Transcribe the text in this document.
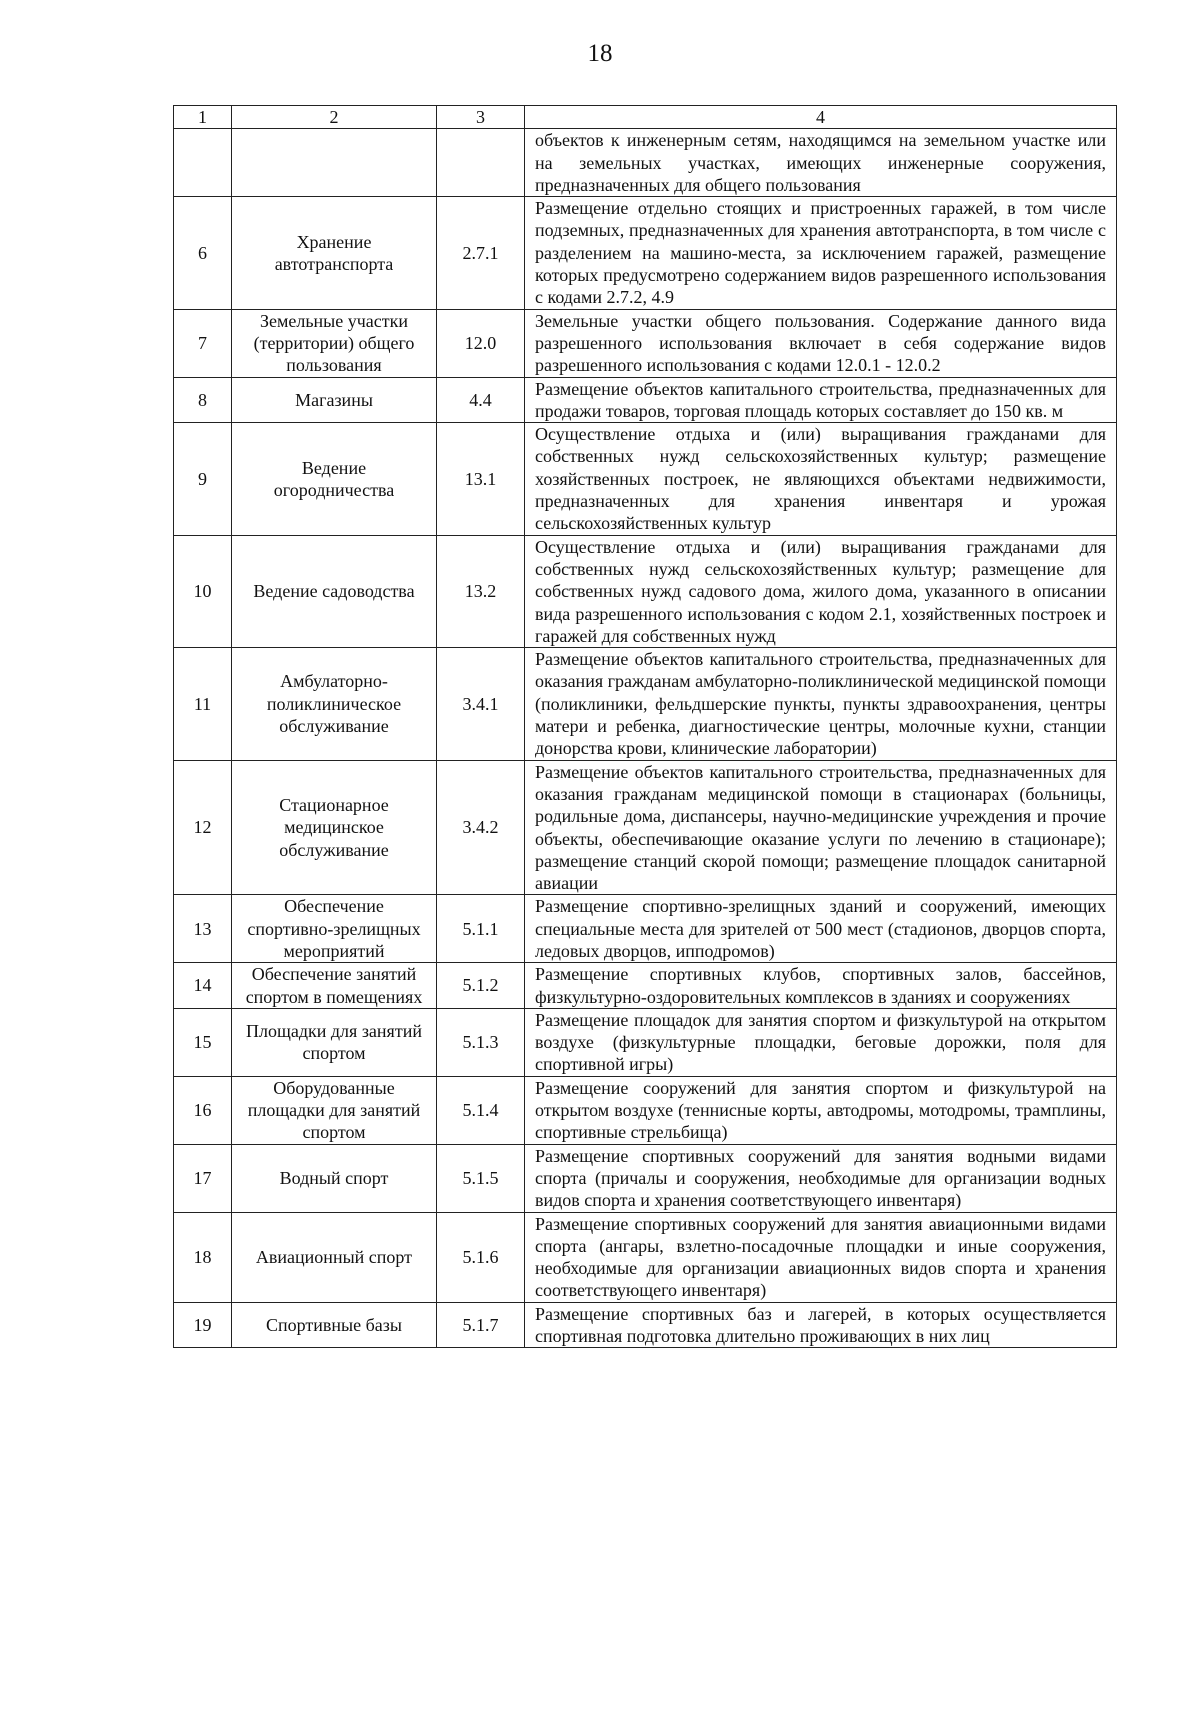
18
1	2	3	4
			объектов к инженерным сетям, находящимся на земельном участке или на земельных участках, имеющих инженерные сооружения, предназначенных для общего пользования
6	Хранение автотранспорта	2.7.1	Размещение отдельно стоящих и пристроенных гаражей, в том числе подземных, предназначенных для хранения автотранспорта, в том числе с разделением на машино-места, за исключением гаражей, размещение которых предусмотрено содержанием видов разрешенного использования с кодами 2.7.2, 4.9
7	Земельные участки (территории) общего пользования	12.0	Земельные участки общего пользования. Содержание данного вида разрешенного использования включает в себя содержание видов разрешенного использования с кодами 12.0.1 - 12.0.2
8	Магазины	4.4	Размещение объектов капитального строительства, предназначенных для продажи товаров, торговая площадь которых составляет до 150 кв. м
9	Ведение огородничества	13.1	Осуществление отдыха и (или) выращивания гражданами для собственных нужд сельскохозяйственных культур; размещение хозяйственных построек, не являющихся объектами недвижимости, предназначенных для хранения инвентаря и урожая сельскохозяйственных культур
10	Ведение садоводства	13.2	Осуществление отдыха и (или) выращивания гражданами для собственных нужд сельскохозяйственных культур; размещение для собственных нужд садового дома, жилого дома, указанного в описании вида разрешенного использования с кодом 2.1, хозяйственных построек и гаражей для собственных нужд
11	Амбулаторно-поликлиническое обслуживание	3.4.1	Размещение объектов капитального строительства, предназначенных для оказания гражданам амбулаторно-поликлинической медицинской помощи (поликлиники, фельдшерские пункты, пункты здравоохранения, центры матери и ребенка, диагностические центры, молочные кухни, станции донорства крови, клинические лаборатории)
12	Стационарное медицинское обслуживание	3.4.2	Размещение объектов капитального строительства, предназначенных для оказания гражданам медицинской помощи в стационарах (больницы, родильные дома, диспансеры, научно-медицинские учреждения и прочие объекты, обеспечивающие оказание услуги по лечению в стационаре); размещение станций скорой помощи; размещение площадок санитарной авиации
13	Обеспечение спортивно-зрелищных мероприятий	5.1.1	Размещение спортивно-зрелищных зданий и сооружений, имеющих специальные места для зрителей от 500 мест (стадионов, дворцов спорта, ледовых дворцов, ипподромов)
14	Обеспечение занятий спортом в помещениях	5.1.2	Размещение спортивных клубов, спортивных залов, бассейнов, физкультурно-оздоровительных комплексов в зданиях и сооружениях
15	Площадки для занятий спортом	5.1.3	Размещение площадок для занятия спортом и физкультурой на открытом воздухе (физкультурные площадки, беговые дорожки, поля для спортивной игры)
16	Оборудованные площадки для занятий спортом	5.1.4	Размещение сооружений для занятия спортом и физкультурой на открытом воздухе (теннисные корты, автодромы, мотодромы, трамплины, спортивные стрельбища)
17	Водный спорт	5.1.5	Размещение спортивных сооружений для занятия водными видами спорта (причалы и сооружения, необходимые для организации водных видов спорта и хранения соответствующего инвентаря)
18	Авиационный спорт	5.1.6	Размещение спортивных сооружений для занятия авиационными видами спорта (ангары, взлетно-посадочные площадки и иные сооружения, необходимые для организации авиационных видов спорта и хранения соответствующего инвентаря)
19	Спортивные базы	5.1.7	Размещение спортивных баз и лагерей, в которых осуществляется спортивная подготовка длительно проживающих в них лиц
